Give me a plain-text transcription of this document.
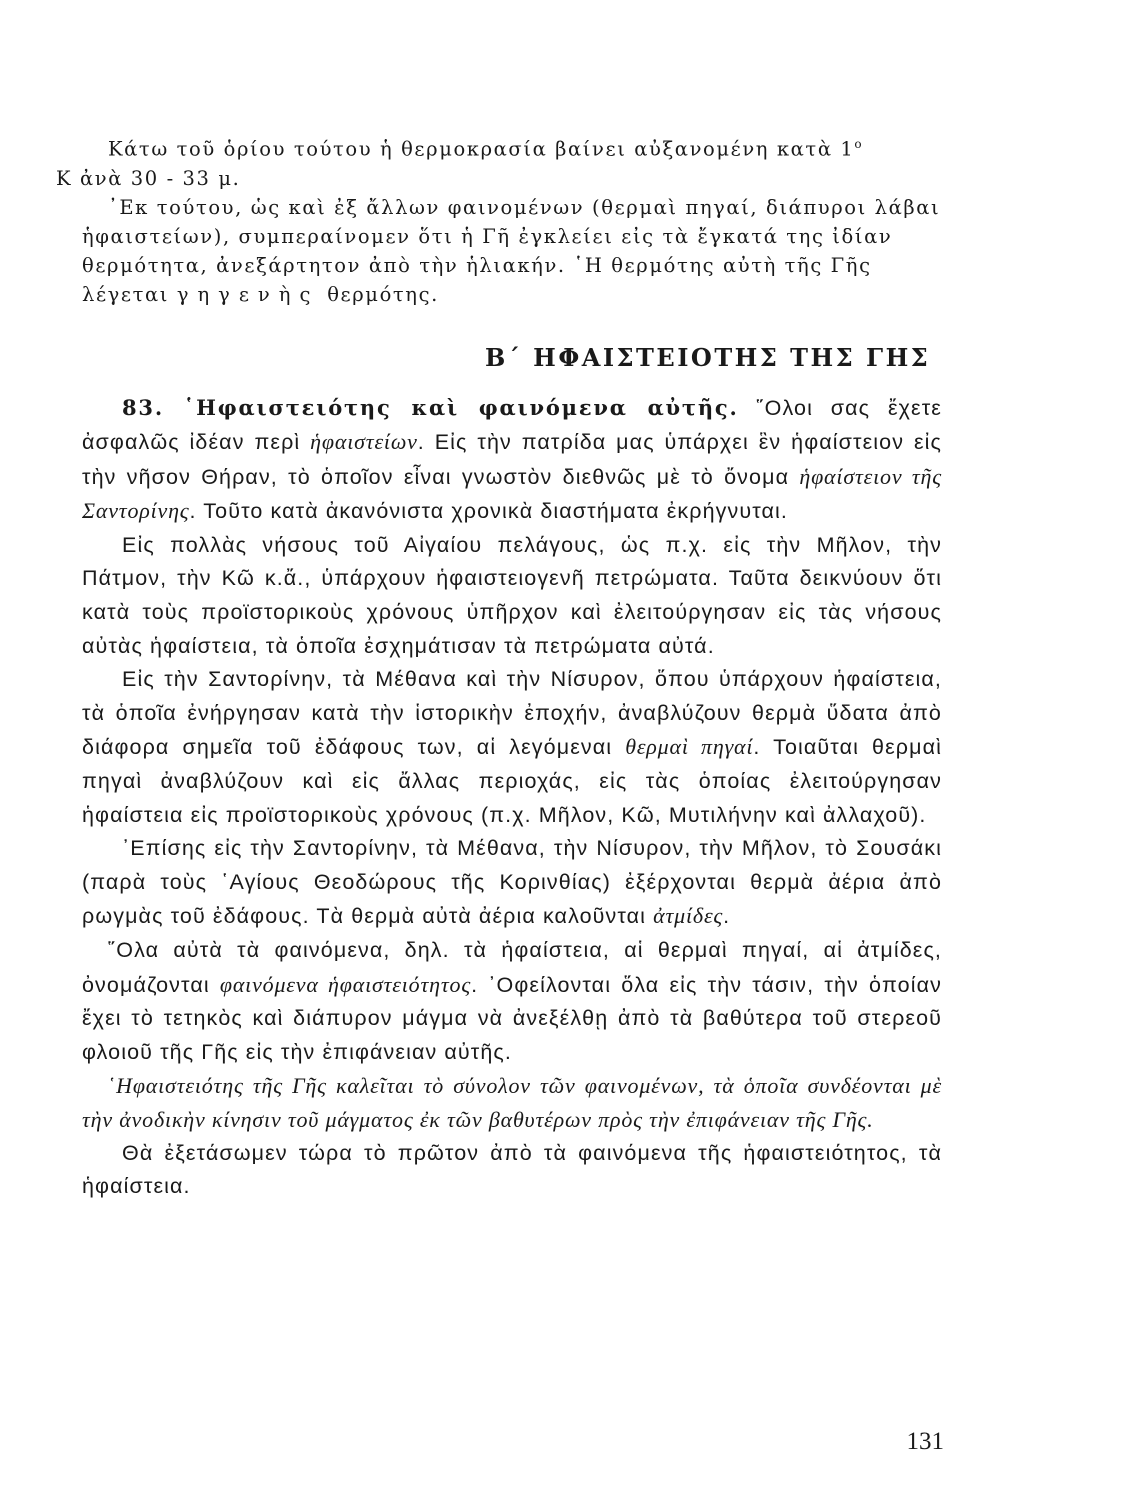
Κάτω τοῦ ὁρίου τούτου ἡ θερμοκρασία βαίνει αὐξανομένη κατὰ $1^o$
Κ ἀνὰ 30 - 33 μ.

᾽Εκ τούτου, ὡς καὶ ἐξ ἄλλων φαινομένων (θερμαὶ πηγαί, διάπυροι λάβαι ἡφαιστείων), συμπεραίνομεν ὅτι ἡ Γῆ ἐγκλείει εἰς τὰ ἔγκατά της ἰδίαν θερμότητα, ἀνεξάρτητον ἀπὸ τὴν ἡλιακήν. ῾Η θερμότης αὐτὴ τῆς Γῆς λέγεται γηγενὴς θερμότης.

Β΄ ΗΦΑΙΣΤΕΙΟΤΗΣ ΤΗΣ ΓΗΣ

83. ῾Ηφαιστειότης καὶ φαινόμενα αὐτῆς. ῞Ολοι σας ἔχετε ἀσφαλῶς ἰδέαν περὶ ἡφαιστείων. Εἰς τὴν πατρίδα μας ὑπάρχει ἓν ἡφαίστειον εἰς τὴν νῆσον Θήραν, τὸ ὁποῖον εἶναι γνωστὸν διεθνῶς μὲ τὸ ὄνομα ἡφαίστειον τῆς Σαντορίνης. Τοῦτο κατὰ ἀκανόνιστα χρονικὰ διαστήματα ἐκρήγνυται.

Εἰς πολλὰς νήσους τοῦ Αἰγαίου πελάγους, ὡς π.χ. εἰς τὴν Μῆλον, τὴν Πάτμον, τὴν Κῶ κ.ἄ., ὑπάρχουν ἡφαιστειογενῆ πετρώματα. Ταῦτα δεικνύουν ὅτι κατὰ τοὺς προϊστορικοὺς χρόνους ὑπῆρχον καὶ ἐλειτούργησαν εἰς τὰς νήσους αὐτὰς ἡφαίστεια, τὰ ὁποῖα ἐσχημάτισαν τὰ πετρώματα αὐτά.

Εἰς τὴν Σαντορίνην, τὰ Μέθανα καὶ τὴν Νίσυρον, ὅπου ὑπάρχουν ἡφαίστεια, τὰ ὁποῖα ἐνήργησαν κατὰ τὴν ἱστορικὴν ἐποχήν, ἀναβλύζουν θερμὰ ὕδατα ἀπὸ διάφορα σημεῖα τοῦ ἐδάφους των, αἱ λεγόμεναι θερμαὶ πηγαί. Τοιαῦται θερμαὶ πηγαὶ ἀναβλύζουν καὶ εἰς ἄλλας περιοχάς, εἰς τὰς ὁποίας ἐλειτούργησαν ἡφαίστεια εἰς προϊστορικοὺς χρόνους (π.χ. Μῆλον, Κῶ, Μυτιλήνην καὶ ἀλλαχοῦ).

᾽Επίσης εἰς τὴν Σαντορίνην, τὰ Μέθανα, τὴν Νίσυρον, τὴν Μῆλον, τὸ Σουσάκι (παρὰ τοὺς ῾Αγίους Θεοδώρους τῆς Κορινθίας) ἐξέρχονται θερμὰ ἀέρια ἀπὸ ρωγμὰς τοῦ ἐδάφους. Τὰ θερμὰ αὐτὰ ἀέρια καλοῦνται ἀτμίδες.

῞Ολα αὐτὰ τὰ φαινόμενα, δηλ. τὰ ἡφαίστεια, αἱ θερμαὶ πηγαί, αἱ ἀτμίδες, ὀνομάζονται φαινόμενα ἡφαιστειότητος. ᾽Οφείλονται ὅλα εἰς τὴν τάσιν, τὴν ὁποίαν ἔχει τὸ τετηκὸς καὶ διάπυρον μάγμα νὰ ἀνεξέλθῃ ἀπὸ τὰ βαθύτερα τοῦ στερεοῦ φλοιοῦ τῆς Γῆς εἰς τὴν ἐπιφάνειαν αὐτῆς.

῾Ηφαιστειότης τῆς Γῆς καλεῖται τὸ σύνολον τῶν φαινομένων, τὰ ὁποῖα συνδέονται μὲ τὴν ἀνοδικὴν κίνησιν τοῦ μάγματος ἐκ τῶν βαθυτέρων πρὸς τὴν ἐπιφάνειαν τῆς Γῆς.

Θὰ ἐξετάσωμεν τώρα τὸ πρῶτον ἀπὸ τὰ φαινόμενα τῆς ἡφαιστειότητος, τὰ ἡφαίστεια.

131
